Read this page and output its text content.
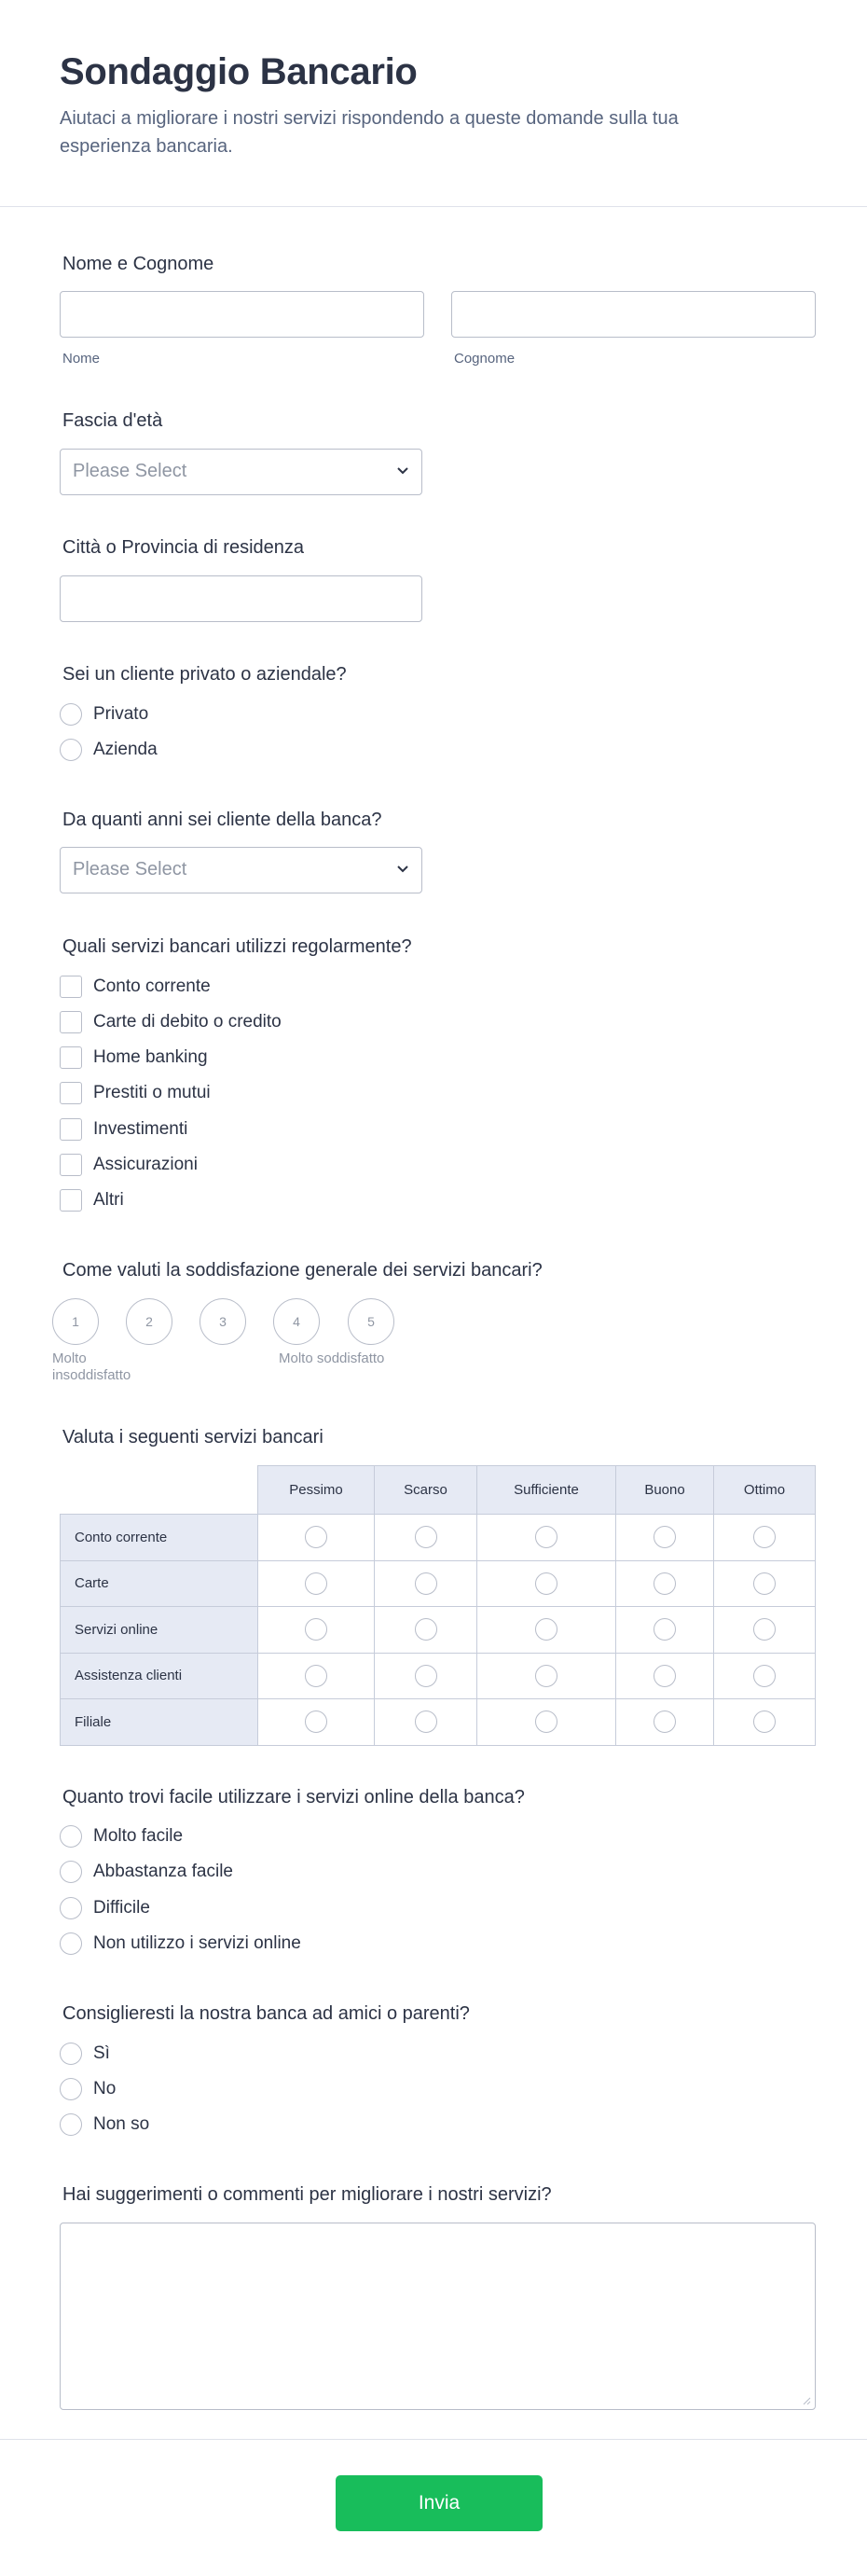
Sondaggio Bancario

Aiutaci a migliorare i nostri servizi rispondendo a queste domande sulla tua esperienza bancaria.

Nome e Cognome
Nome	Cognome
Fascia d'età
Please Select
Città o Provincia di residenza
Sei un cliente privato o aziendale?
Privato
Azienda
Da quanti anni sei cliente della banca?
Please Select
Quali servizi bancari utilizzi regolarmente?
Conto corrente
Carte di debito o credito
Home banking
Prestiti o mutui
Investimenti
Assicurazioni
Altri
Come valuti la soddisfazione generale dei servizi bancari?
1	2	3	4	5
Molto
insoddisfatto
Molto soddisfatto
Valuta i seguenti servizi bancari
	Pessimo	Scarso	Sufficiente	Buono	Ottimo
Conto corrente					
Carte					
Servizi online					
Assistenza clienti					
Filiale					
Quanto trovi facile utilizzare i servizi online della banca?
Molto facile
Abbastanza facile
Difficile
Non utilizzo i servizi online
Consiglieresti la nostra banca ad amici o parenti?
Sì
No
Non so
Hai suggerimenti o commenti per migliorare i nostri servizi?
Invia
